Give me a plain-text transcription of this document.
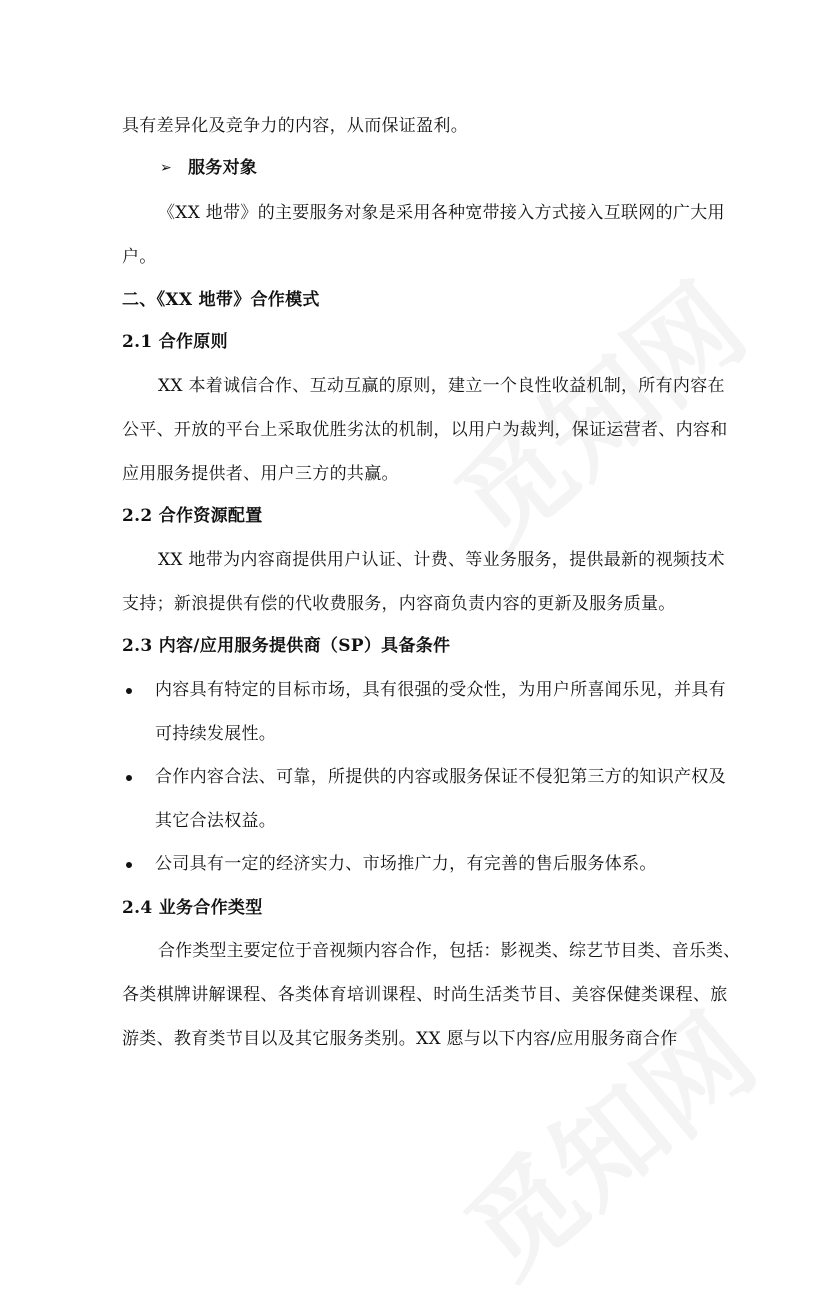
具有差异化及竞争力的内容，从而保证盈利。
➢ 服务对象
《XX 地带》的主要服务对象是采用各种宽带接入方式接入互联网的广大用
户。
二、《XX 地带》合作模式
2.1 合作原则
XX 本着诚信合作、互动互赢的原则，建立一个良性收益机制，所有内容在
公平、开放的平台上采取优胜劣汰的机制，以用户为裁判，保证运营者、内容和
应用服务提供者、用户三方的共赢。
2.2 合作资源配置
XX 地带为内容商提供用户认证、计费、等业务服务，提供最新的视频技术
支持；新浪提供有偿的代收费服务，内容商负责内容的更新及服务质量。
2.3 内容/应用服务提供商（SP）具备条件
内容具有特定的目标市场，具有很强的受众性，为用户所喜闻乐见，并具有
可持续发展性。
合作内容合法、可靠，所提供的内容或服务保证不侵犯第三方的知识产权及
其它合法权益。
公司具有一定的经济实力、市场推广力，有完善的售后服务体系。
2.4 业务合作类型
合作类型主要定位于音视频内容合作，包括：影视类、综艺节目类、音乐类、
各类棋牌讲解课程、各类体育培训课程、时尚生活类节目、美容保健类课程、旅
游类、教育类节目以及其它服务类别。XX 愿与以下内容/应用服务商合作
